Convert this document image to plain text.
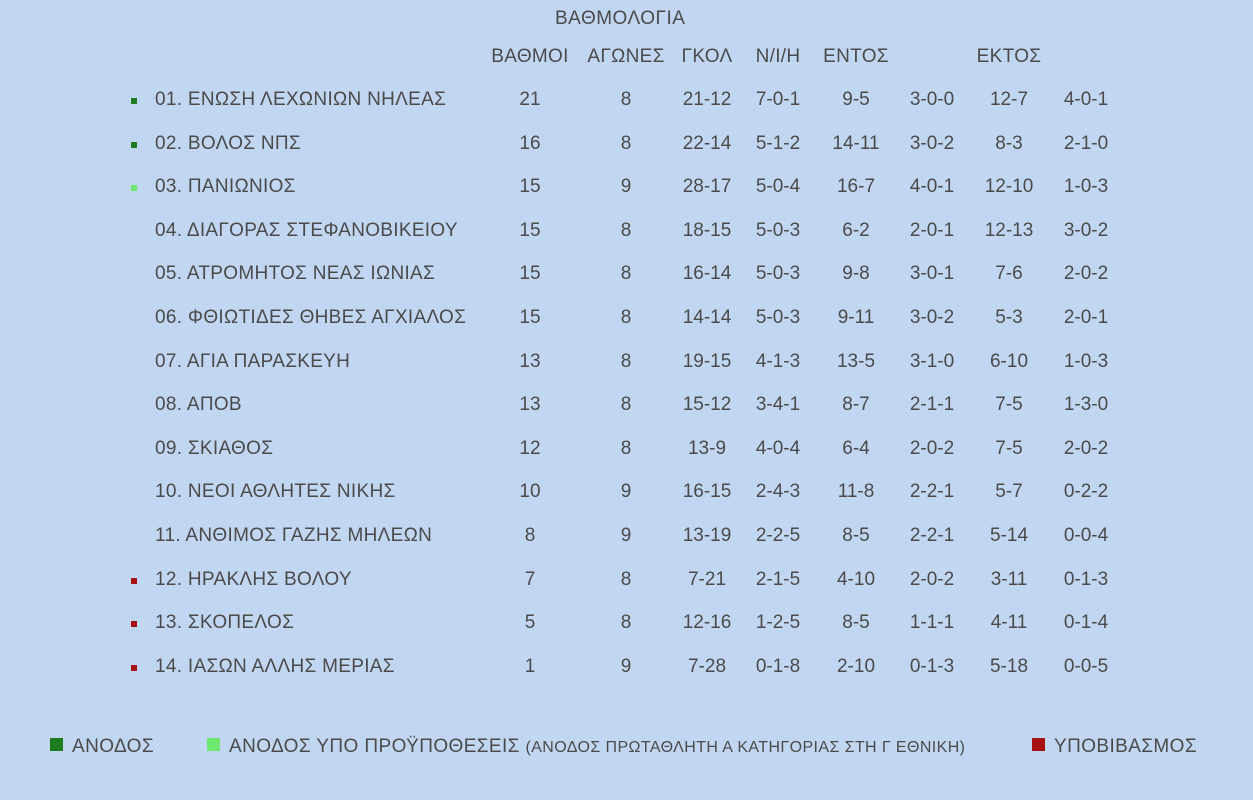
ΒΑΘΜΟΛΟΓΙΑ
ΒΑΘΜΟΙ ΑΓΩΝΕΣ ΓΚΟΛ Ν/Ι/Η ΕΝΤΟΣ	ΕΚΤΟΣ
01. ΕΝΩΣΗ ΛΕΧΩΝΙΩΝ ΝΗΛΕΑΣ	21	8	21-12 7-0-1 9-5 3-0-0 12-7 4-0-1
02. ΒΟΛΟΣ ΝΠΣ	16	8	22-14 5-1-2 14-11 3-0-2 8-3 2-1-0
03. ΠΑΝΙΩΝΙΟΣ	15	9	28-17 5-0-4 16-7 4-0-1 12-10 1-0-3
04. ΔΙΑΓΟΡΑΣ ΣΤΕΦΑΝΟΒΙΚΕΙΟΥ	15	8	18-15 5-0-3 6-2 2-0-1 12-13 3-0-2
05. ΑΤΡΟΜΗΤΟΣ ΝΕΑΣ ΙΩΝΙΑΣ	15	8	16-14 5-0-3 9-8 3-0-1 7-6 2-0-2
06. ΦΘΙΩΤΙΔΕΣ ΘΗΒΕΣ ΑΓΧΙΑΛΟΣ	15	8	14-14 5-0-3 9-11 3-0-2 5-3 2-0-1
07. ΑΓΙΑ ΠΑΡΑΣΚΕΥΗ	13	8	19-15 4-1-3 13-5 3-1-0 6-10 1-0-3
08. ΑΠΟΒ	13	8	15-12 3-4-1 8-7 2-1-1 7-5 1-3-0
09. ΣΚΙΑΘΟΣ	12	8	13-9 4-0-4 6-4 2-0-2 7-5 2-0-2
10. ΝΕΟΙ ΑΘΛΗΤΕΣ ΝΙΚΗΣ	10	9	16-15 2-4-3 11-8 2-2-1 5-7 0-2-2
11. ΑΝΘΙΜΟΣ ΓΑΖΗΣ ΜΗΛΕΩΝ	8	9	13-19 2-2-5 8-5 2-2-1 5-14 0-0-4
12. ΗΡΑΚΛΗΣ ΒΟΛΟΥ	7	8	7-21 2-1-5 4-10 2-0-2 3-11 0-1-3
13. ΣΚΟΠΕΛΟΣ	5	8	12-16 1-2-5 8-5 1-1-1 4-11 0-1-4
14. ΙΑΣΩΝ ΑΛΛΗΣ ΜΕΡΙΑΣ	1	9	7-28 0-1-8 2-10 0-1-3 5-18 0-0-5
ΑΝΟΔΟΣ	ΑΝΟΔΟΣ ΥΠΟ ΠΡΟΫΠΟΘΕΣΕΙΣ (ΑΝΟΔΟΣ ΠΡΩΤΑΘΛΗΤΗ Α ΚΑΤΗΓΟΡΙΑΣ ΣΤΗ Γ ΕΘΝΙΚΗ)	ΥΠΟΒΙΒΑΣΜΟΣ
